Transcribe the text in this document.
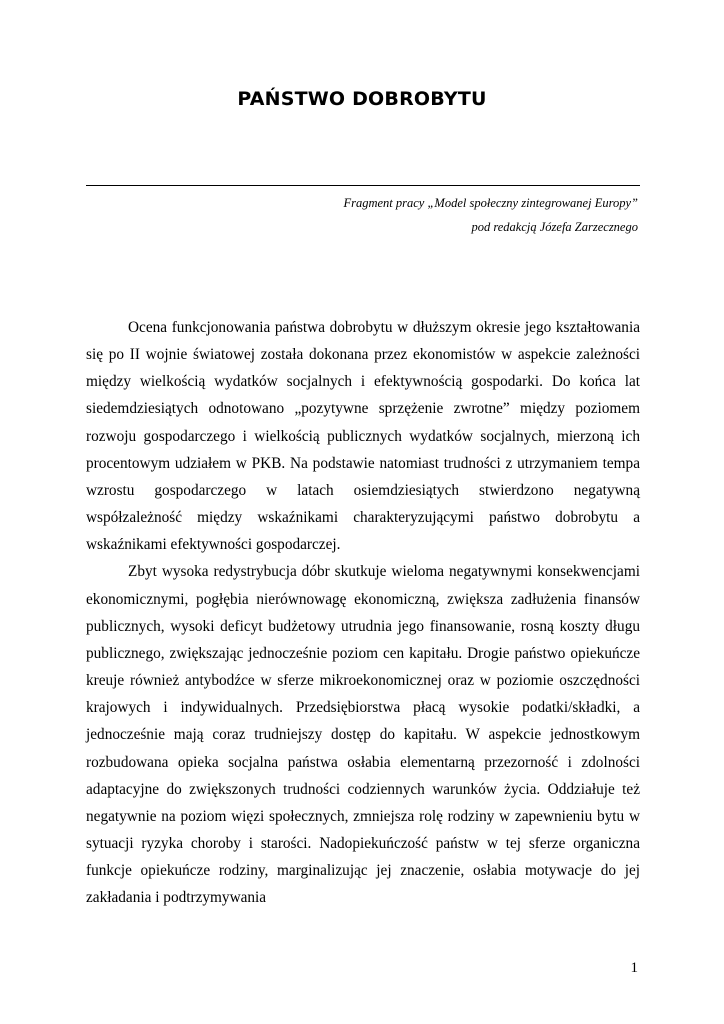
PAŃSTWO DOBROBYTU
Fragment pracy „Model społeczny zintegrowanej Europy”
pod redakcją Józefa Zarzecznego

Ocena funkcjonowania państwa dobrobytu w dłuższym okresie jego kształtowania się po II wojnie światowej została dokonana przez ekonomistów w aspekcie zależności między wielkością wydatków socjalnych i efektywnością gospodarki. Do końca lat siedemdziesiątych odnotowano „pozytywne sprzężenie zwrotne” między poziomem rozwoju gospodarczego i wielkością publicznych wydatków socjalnych, mierzoną ich procentowym udziałem w PKB. Na podstawie natomiast trudności z utrzymaniem tempa wzrostu gospodarczego w latach osiemdziesiątych stwierdzono negatywną współzależność między wskaźnikami charakteryzującymi państwo dobrobytu a wskaźnikami efektywności gospodarczej.

Zbyt wysoka redystrybucja dóbr skutkuje wieloma negatywnymi konsekwencjami ekonomicznymi, pogłębia nierównowagę ekonomiczną, zwiększa zadłużenia finansów publicznych, wysoki deficyt budżetowy utrudnia jego finansowanie, rosną koszty długu publicznego, zwiększając jednocześnie poziom cen kapitału. Drogie państwo opiekuńcze kreuje również antybodźce w sferze mikroekonomicznej oraz w poziomie oszczędności krajowych i indywidualnych. Przedsiębiorstwa płacą wysokie podatki/składki, a jednocześnie mają coraz trudniejszy dostęp do kapitału. W aspekcie jednostkowym rozbudowana opieka socjalna państwa osłabia elementarną przezorność i zdolności adaptacyjne do zwiększonych trudności codziennych warunków życia. Oddziałuje też negatywnie na poziom więzi społecznych, zmniejsza rolę rodziny w zapewnieniu bytu w sytuacji ryzyka choroby i starości. Nadopiekuńczość państw w tej sferze organiczna funkcje opiekuńcze rodziny, marginalizując jej znaczenie, osłabia motywacje do jej zakładania i podtrzymywania

1
